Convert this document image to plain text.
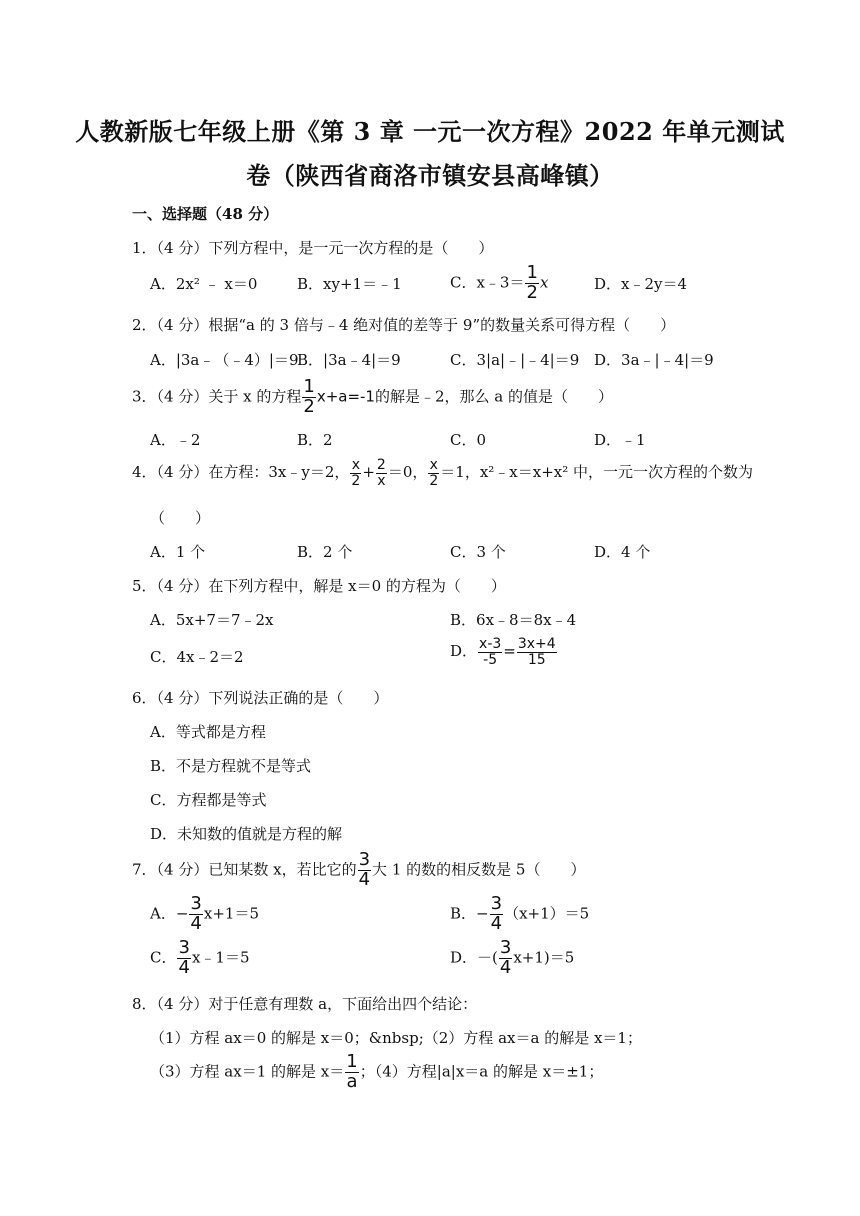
人教新版七年级上册《第 3 章 一元一次方程》2022 年单元测试
卷（陕西省商洛市镇安县高峰镇）
一、选择题（48 分）
1．（4 分）下列方程中，是一元一次方程的是（　　）
A．2x² ﹣ x＝0	B．xy+1＝﹣1	C．x﹣3＝ $\frac{1}{2}$ x	D．x﹣2y＝4
2．（4 分）根据“a 的 3 倍与﹣4 绝对值的差等于 9”的数量关系可得方程（　　）
A．|3a﹣（﹣4）|＝9
B．|3a﹣4|＝9	C．3|a|﹣|﹣4|＝9 D．3a﹣|﹣4|＝9
3．（4 分）关于 x 的方程 $\frac{1}{2} x+a=-1$的解是﹣2，那么 a 的值是（　　）
A．﹣2	B．2	C．0	D．﹣1
4．（4 分）在方程：3x﹣y＝2， $\frac{x}{2} + \frac{2}{x} =0$， $\frac{x}{2} =1$，x²﹣x＝x+x² 中，一元一次方程的个数为
（　　）
A．1 个	B．2 个	C．3 个	D．4 个
5．（4 分）在下列方程中，解是 x＝0 的方程为（　　）
A．5x+7＝7﹣2x	B．6x﹣8＝8x﹣4
C．4x﹣2＝2	D． $\frac{x-3}{-5} = \frac{3x+4}{15}$
6．（4 分）下列说法正确的是（　　）
A．等式都是方程
B．不是方程就不是等式
C．方程都是等式
D．未知数的值就是方程的解
7．（4 分）已知某数 x，若比它的 $\frac{3}{4}$ 大 1 的数的相反数是 5（　　）
A．− $\frac{3}{4} x+1=5$	B．− $\frac{3}{4} (x+1)=5$
C． $\frac{3}{4}$ x﹣1＝5	D．－( $\frac{3}{4} x+1)=5$
8．（4 分）对于任意有理数 a，下面给出四个结论：
（1）方程 ax＝0 的解是 x＝0；&nbsp;（2）方程 ax＝a 的解是 x＝1；
（3）方程 ax＝1 的解是 $x= \frac{1}{a}$ ；（4）方程|a|x＝a 的解是 x＝±1；
